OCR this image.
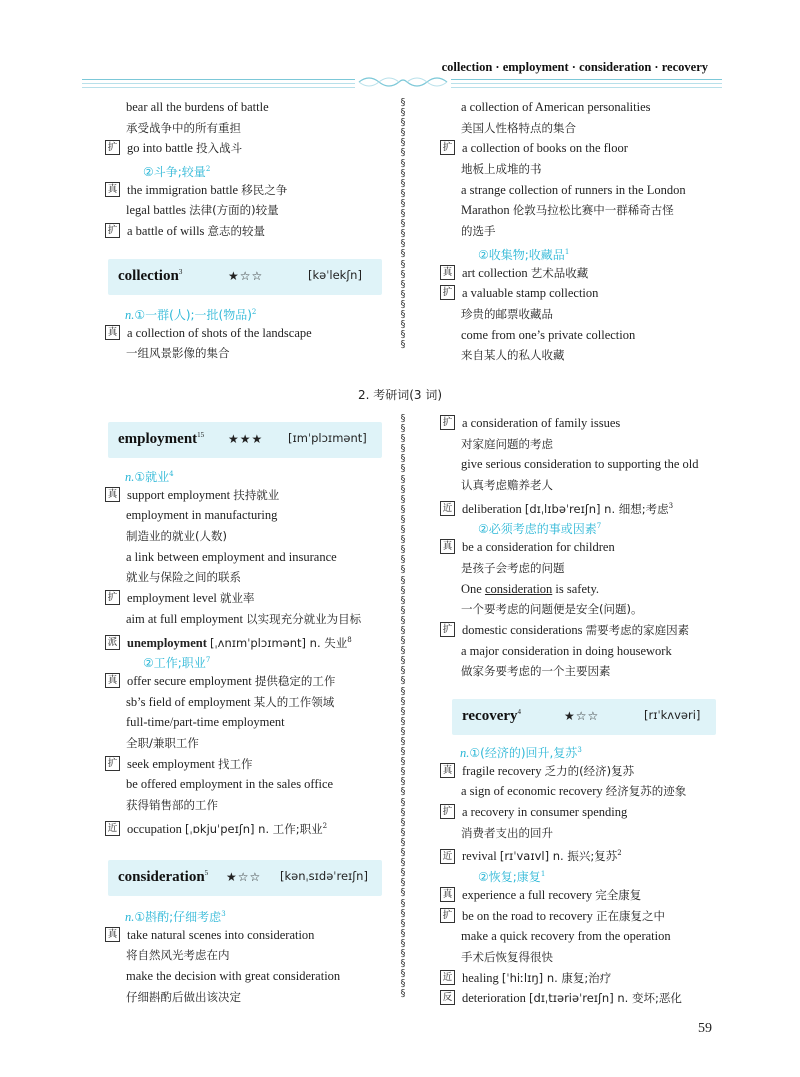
collection · employment · consideration · recovery
bear all the burdens of battle
承受战争中的所有重担
扩 go into battle 投入战斗
②斗争;较量$^2$
真 the immigration battle 移民之争
legal battles 法律(方面的)较量
扩 a battle of wills 意志的较量
collection$^3$	★☆☆	[kəˈlekʃn]
n.①一群(人);一批(物品)$^2$
真 a collection of shots of the landscape
一组风景影像的集合
a collection of American personalities
美国人性格特点的集合
扩 a collection of books on the floor
地板上成堆的书
a strange collection of runners in the London
Marathon 伦敦马拉松比赛中一群稀奇古怪
的选手
②收集物;收藏品$^1$
真 art collection 艺术品收藏
扩 a valuable stamp collection
珍贵的邮票收藏品
come from one’s private collection
来自某人的私人收藏
§
§
§
§
§
§
§
§
§
§
§
§
§
§
§
§
§
§
§
§
§
§
§
§
§
2. 考研词(3 词)
employment$^{15}$ ★★★ [ɪmˈplɔɪmənt]
n.①就业$^4$
真 support employment 扶持就业
employment in manufacturing
制造业的就业(人数)
a link between employment and insurance
就业与保险之间的联系
扩 employment level 就业率
aim at full employment 以实现充分就业为目标
派 unemployment [ˌʌnɪmˈplɔɪmənt] n. 失业$^8$
②工作;职业$^7$
真 offer secure employment 提供稳定的工作
sb’s field of employment 某人的工作领域
full-time/part-time employment
全职/兼职工作
扩 seek employment 找工作
be offered employment in the sales office
获得销售部的工作
近 occupation [ˌɒkjuˈpeɪʃn] n. 工作;职业$^2$
consideration$^5$ ★☆☆ [kənˌsɪdəˈreɪʃn]
n.①斟酌;仔细考虑$^3$
真 take natural scenes into consideration
将自然风光考虑在内
make the decision with great consideration
仔细斟酌后做出该决定
扩 a consideration of family issues
对家庭问题的考虑
give serious consideration to supporting the old
认真考虑赡养老人
近 deliberation [dɪˌlɪbəˈreɪʃn] n. 细想;考虑$^3$
②必须考虑的事或因素$^7$
真 be a consideration for children
是孩子会考虑的问题
One consideration is safety.
一个要考虑的问题便是安全(问题)。
扩 domestic considerations 需要考虑的家庭因素
a major consideration in doing housework
做家务要考虑的一个主要因素
recovery$^4$	★☆☆	[rɪˈkʌvəri]
n.①(经济的)回升,复苏$^3$
真 fragile recovery 乏力的(经济)复苏
a sign of economic recovery 经济复苏的迹象
扩 a recovery in consumer spending
消费者支出的回升
近 revival [rɪˈvaɪvl] n. 振兴;复苏$^2$
②恢复;康复$^1$
真 experience a full recovery 完全康复
扩 be on the road to recovery 正在康复之中
make a quick recovery from the operation
手术后恢复得很快
近 healing [ˈhiːlɪŋ] n. 康复;治疗
反 deterioration [dɪˌtɪəriəˈreɪʃn] n. 变坏;恶化
§
§
§
§
§
§
§
§
§
§
§
§
§
§
§
§
§
§
§
§
§
§
§
§
§
§
§
§
§
§
§
§
§
§
§
§
§
§
§
§
§
§
§
§
§
§
§
§
§
§
§
§
§
§
§
§
§
§
59
